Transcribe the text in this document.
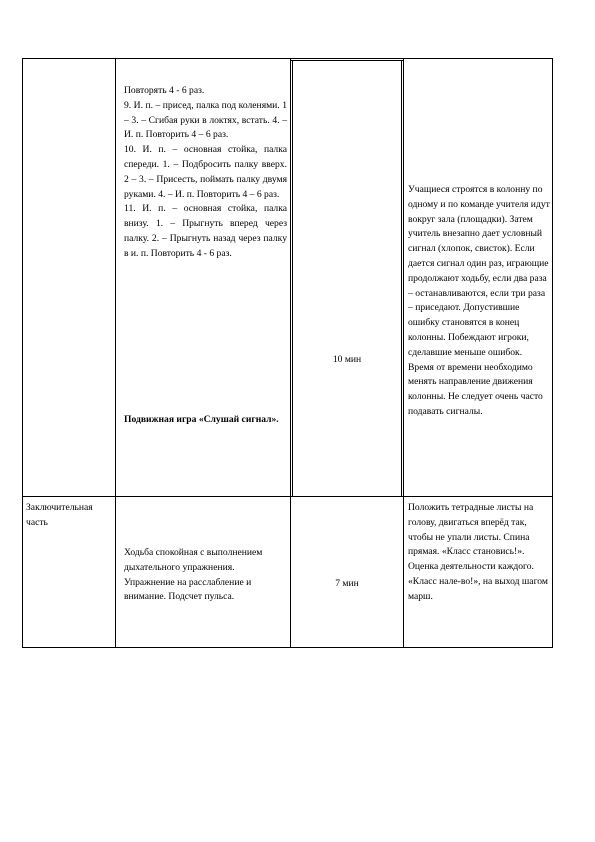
Повторять 4 - 6 раз.

9. И. п. – присед, палка под коленями. 1 – 3. – Сгибая руки в локтях, встать. 4. – И. п. Повторить 4 – 6 раз.

10. И. п. – основная стойка, палка спереди. 1. – Подбросить палку вверх. 2 – 3. – Присесть, поймать палку двумя руками. 4. – И. п. Повторить 4 – 6 раз.

11. И. п. – основная стойка, палка внизу. 1. – Прыгнуть вперед через палку. 2. – Прыгнуть назад через палку в и. п. Повторить 4 - 6 раз.

Подвижная игра «Слушай сигнал».
10 мин
Учащиеся строятся в колонну по одному и по команде учителя идут вокруг зала (площадки). Затем учитель внезапно дает условный сигнал (хлопок, свисток). Если дается сигнал один раз, играющие продолжают ходьбу, если два раза – останавливаются, если три раза – приседают. Допустившие ошибку становятся в конец колонны. Побеждают игроки, сделавшие меньше ошибок. Время от времени необходимо менять направление движения колонны. Не следует очень часто подавать сигналы.
Заключительная часть
Ходьба спокойная с выполнением дыхательного упражнения. Упражнение на расслабление и внимание. Подсчет пульса.
7 мин
Положить тетрадные листы на голову, двигаться вперёд так, чтобы не упали листы. Спина прямая. «Класс становись!». Оценка деятельности каждого. «Класс нале-во!», на выход шагом марш.
